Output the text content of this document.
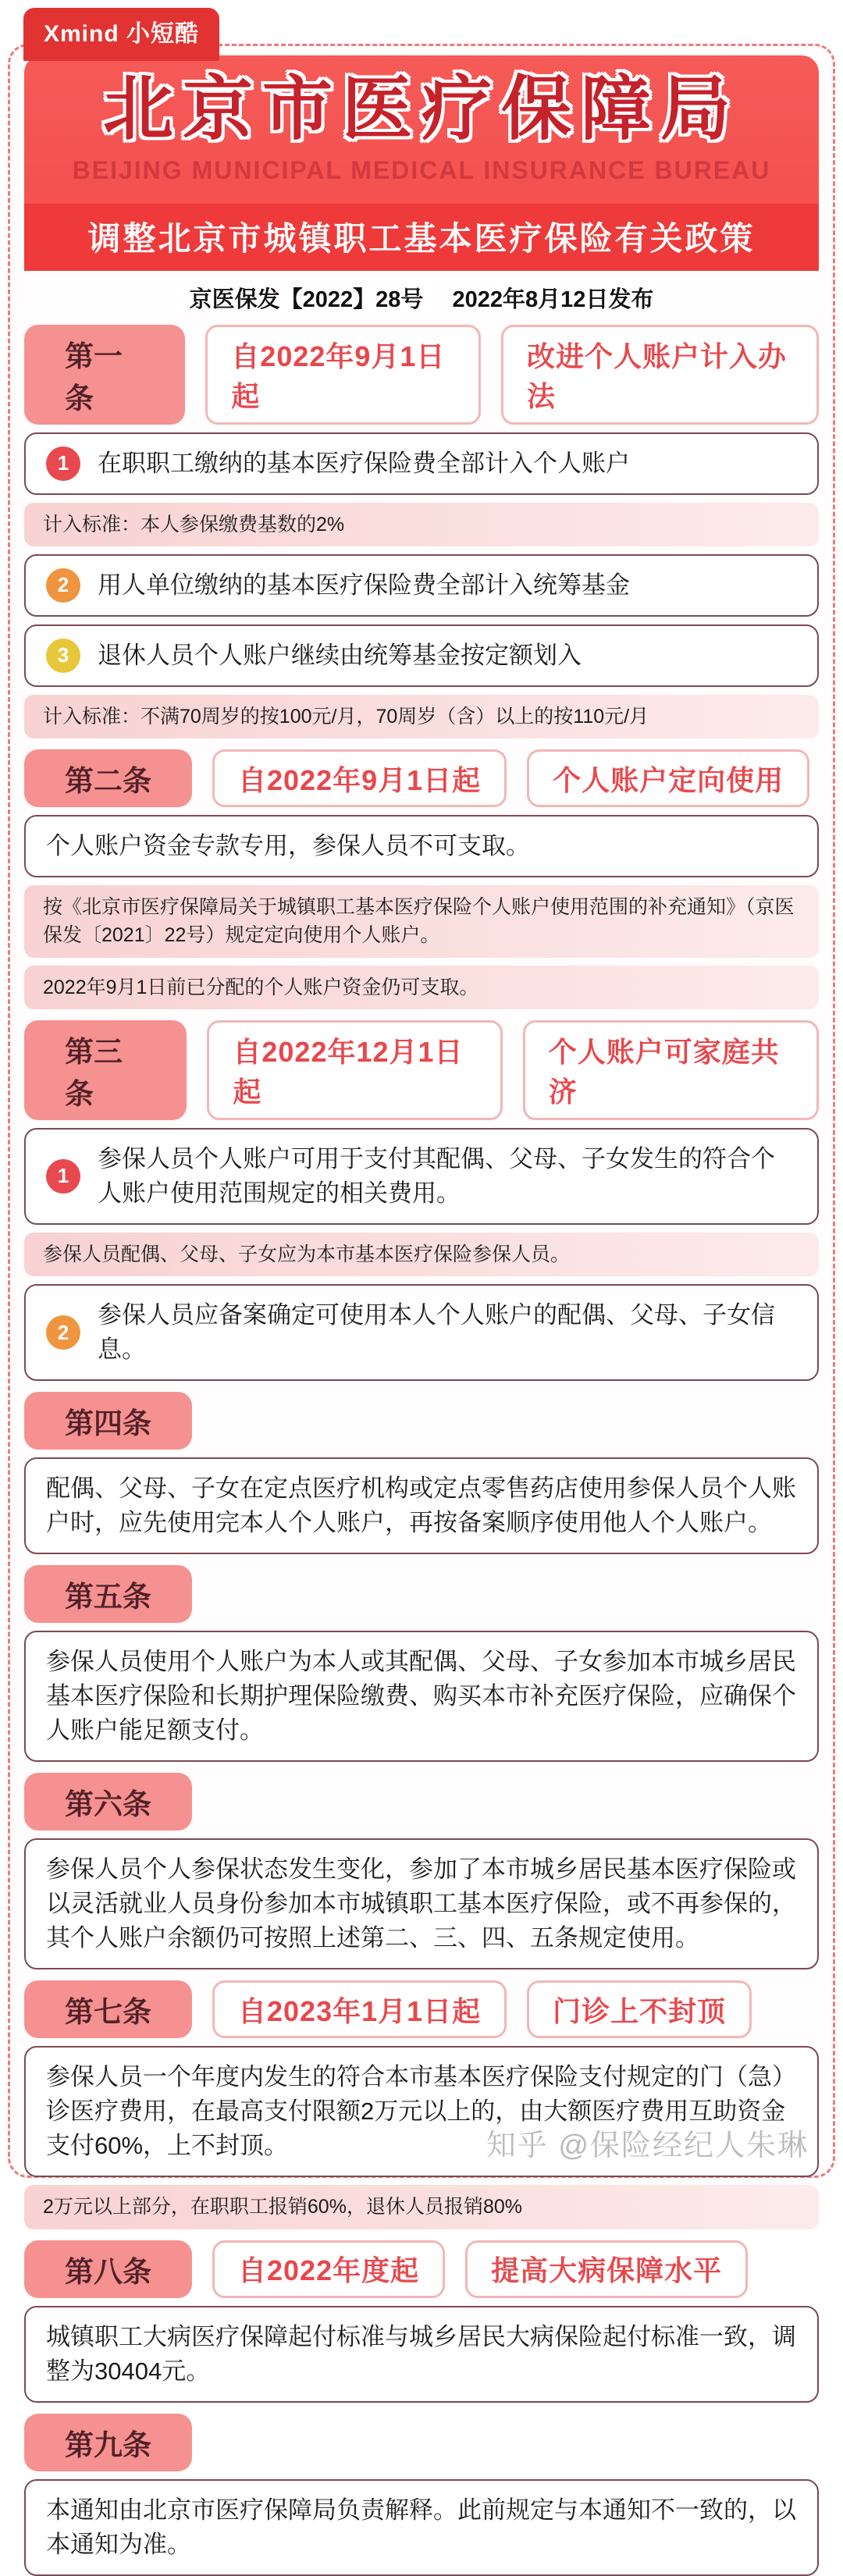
Xmind 小短酷
北京市医疗保障局
BEIJING MUNICIPAL MEDICAL INSURANCE BUREAU
调整北京市城镇职工基本医疗保险有关政策
京医保发【2022】28号　 2022年8月12日发布
第一条
自2022年9月1日起
改进个人账户计入办法
1	在职职工缴纳的基本医疗保险费全部计入个人账户
计入标准：本人参保缴费基数的2%
2	用人单位缴纳的基本医疗保险费全部计入统筹基金
3	退休人员个人账户继续由统筹基金按定额划入
计入标准：不满70周岁的按100元/月，70周岁（含）以上的按110元/月
第二条	自2022年9月1日起	个人账户定向使用
个人账户资金专款专用，参保人员不可支取。
按《北京市医疗保障局关于城镇职工基本医疗保险个人账户使用范围的补充通知》（京医保发〔2021〕22号）规定定向使用个人账户。
2022年9月1日前已分配的个人账户资金仍可支取。
第三条
自2022年12月1日起
个人账户可家庭共济
1
参保人员个人账户可用于支付其配偶、父母、子女发生的符合个人账户使用范围规定的相关费用。
参保人员配偶、父母、子女应为本市基本医疗保险参保人员。
2
参保人员应备案确定可使用本人个人账户的配偶、父母、子女信息。
第四条
配偶、父母、子女在定点医疗机构或定点零售药店使用参保人员个人账户时，应先使用完本人个人账户，再按备案顺序使用他人个人账户。
第五条
参保人员使用个人账户为本人或其配偶、父母、子女参加本市城乡居民基本医疗保险和长期护理保险缴费、购买本市补充医疗保险，应确保个人账户能足额支付。
第六条
参保人员个人参保状态发生变化，参加了本市城乡居民基本医疗保险或以灵活就业人员身份参加本市城镇职工基本医疗保险，或不再参保的，其个人账户余额仍可按照上述第二、三、四、五条规定使用。
第七条	自2023年1月1日起	门诊上不封顶
参保人员一个年度内发生的符合本市基本医疗保险支付规定的门（急）诊医疗费用，在最高支付限额2万元以上的，由大额医疗费用互助资金支付60%，上不封顶。
2万元以上部分，在职职工报销60%，退休人员报销80%
第八条	自2022年度起	提高大病保障水平
城镇职工大病医疗保障起付标准与城乡居民大病保险起付标准一致，调整为30404元。
第九条
本通知由北京市医疗保障局负责解释。此前规定与本通知不一致的，以本通知为准。
知乎 @保险经纪人朱琳
